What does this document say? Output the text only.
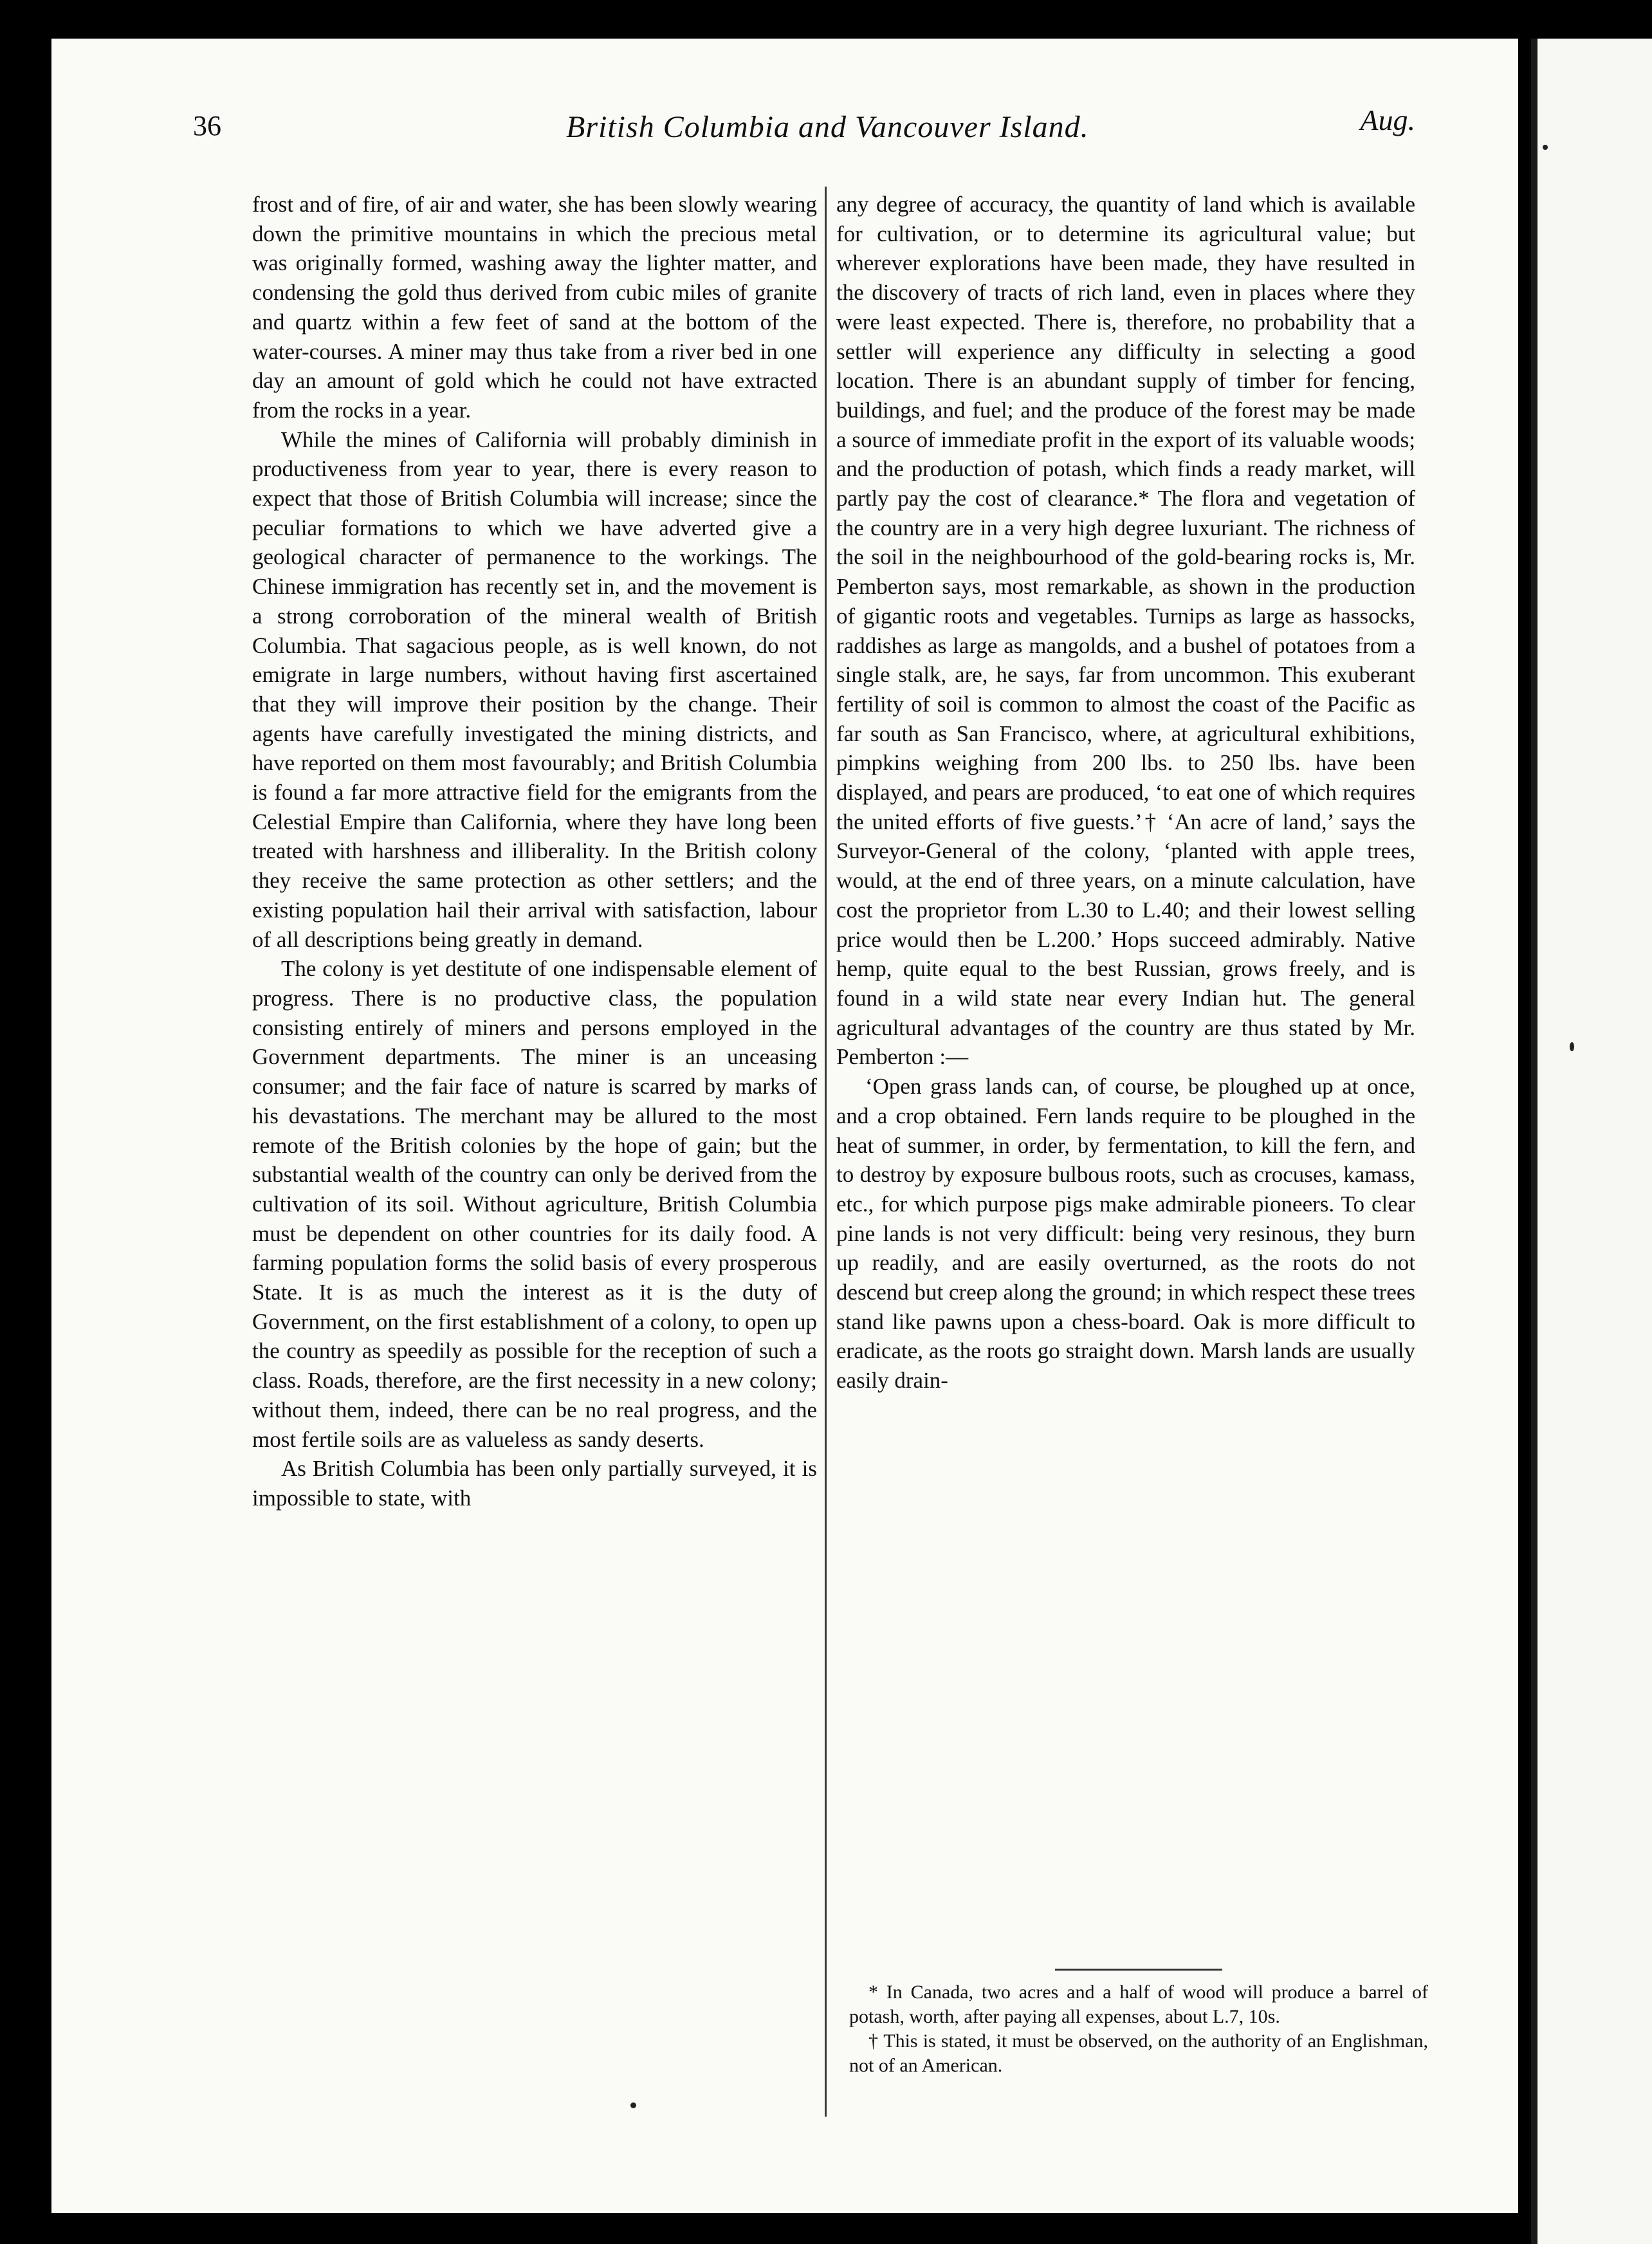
36	British Columbia and Vancouver Island.	Aug.

frost and of fire, of air and water, she has been slowly wearing down the primitive mountains in which the precious metal was originally formed, washing away the lighter matter, and condensing the gold thus derived from cubic miles of granite and quartz within a few feet of sand at the bottom of the water-courses. A miner may thus take from a river bed in one day an amount of gold which he could not have extracted from the rocks in a year.

While the mines of California will probably diminish in productiveness from year to year, there is every reason to expect that those of British Columbia will increase; since the peculiar formations to which we have adverted give a geological character of permanence to the workings. The Chinese immigration has recently set in, and the movement is a strong corroboration of the mineral wealth of British Columbia. That sagacious people, as is well known, do not emigrate in large numbers, without having first ascertained that they will improve their position by the change. Their agents have carefully investigated the mining districts, and have reported on them most favourably; and British Columbia is found a far more attractive field for the emigrants from the Celestial Empire than California, where they have long been treated with harshness and illiberality. In the British colony they receive the same protection as other settlers; and the existing population hail their arrival with satisfaction, labour of all descriptions being greatly in demand.

The colony is yet destitute of one indispensable element of progress. There is no productive class, the population consisting entirely of miners and persons employed in the Government departments. The miner is an unceasing consumer; and the fair face of nature is scarred by marks of his devastations. The merchant may be allured to the most remote of the British colonies by the hope of gain; but the substantial wealth of the country can only be derived from the cultivation of its soil. Without agriculture, British Columbia must be dependent on other countries for its daily food. A farming population forms the solid basis of every prosperous State. It is as much the interest as it is the duty of Government, on the first establishment of a colony, to open up the country as speedily as possible for the reception of such a class. Roads, therefore, are the first necessity in a new colony; without them, indeed, there can be no real progress, and the most fertile soils are as valueless as sandy deserts.

As British Columbia has been only partially surveyed, it is impossible to state, with

any degree of accuracy, the quantity of land which is available for cultivation, or to determine its agricultural value; but wherever explorations have been made, they have resulted in the discovery of tracts of rich land, even in places where they were least expected. There is, therefore, no probability that a settler will experience any difficulty in selecting a good location. There is an abundant supply of timber for fencing, buildings, and fuel; and the produce of the forest may be made a source of immediate profit in the export of its valuable woods; and the production of potash, which finds a ready market, will partly pay the cost of clearance.* The flora and vegetation of the country are in a very high degree luxuriant. The richness of the soil in the neighbourhood of the gold-bearing rocks is, Mr. Pemberton says, most remarkable, as shown in the production of gigantic roots and vegetables. Turnips as large as hassocks, raddishes as large as mangolds, and a bushel of potatoes from a single stalk, are, he says, far from uncommon. This exuberant fertility of soil is common to almost the coast of the Pacific as far south as San Francisco, where, at agricultural exhibitions, pimpkins weighing from 200 lbs. to 250 lbs. have been displayed, and pears are produced, ‘to eat one of which requires the united efforts of five guests.’† ‘An acre of land,’ says the Surveyor-General of the colony, ‘planted with apple trees, would, at the end of three years, on a minute calculation, have cost the proprietor from L.30 to L.40; and their lowest selling price would then be L.200.’ Hops succeed admirably. Native hemp, quite equal to the best Russian, grows freely, and is found in a wild state near every Indian hut. The general agricultural advantages of the country are thus stated by Mr. Pemberton :—

‘Open grass lands can, of course, be ploughed up at once, and a crop obtained. Fern lands require to be ploughed in the heat of summer, in order, by fermentation, to kill the fern, and to destroy by exposure bulbous roots, such as crocuses, kamass, etc., for which purpose pigs make admirable pioneers. To clear pine lands is not very difficult: being very resinous, they burn up readily, and are easily overturned, as the roots do not descend but creep along the ground; in which respect these trees stand like pawns upon a chess-board. Oak is more difficult to eradicate, as the roots go straight down. Marsh lands are usually easily drain-

* In Canada, two acres and a half of wood will produce a barrel of potash, worth, after paying all expenses, about L.7, 10s.

† This is stated, it must be observed, on the authority of an Englishman, not of an American.
